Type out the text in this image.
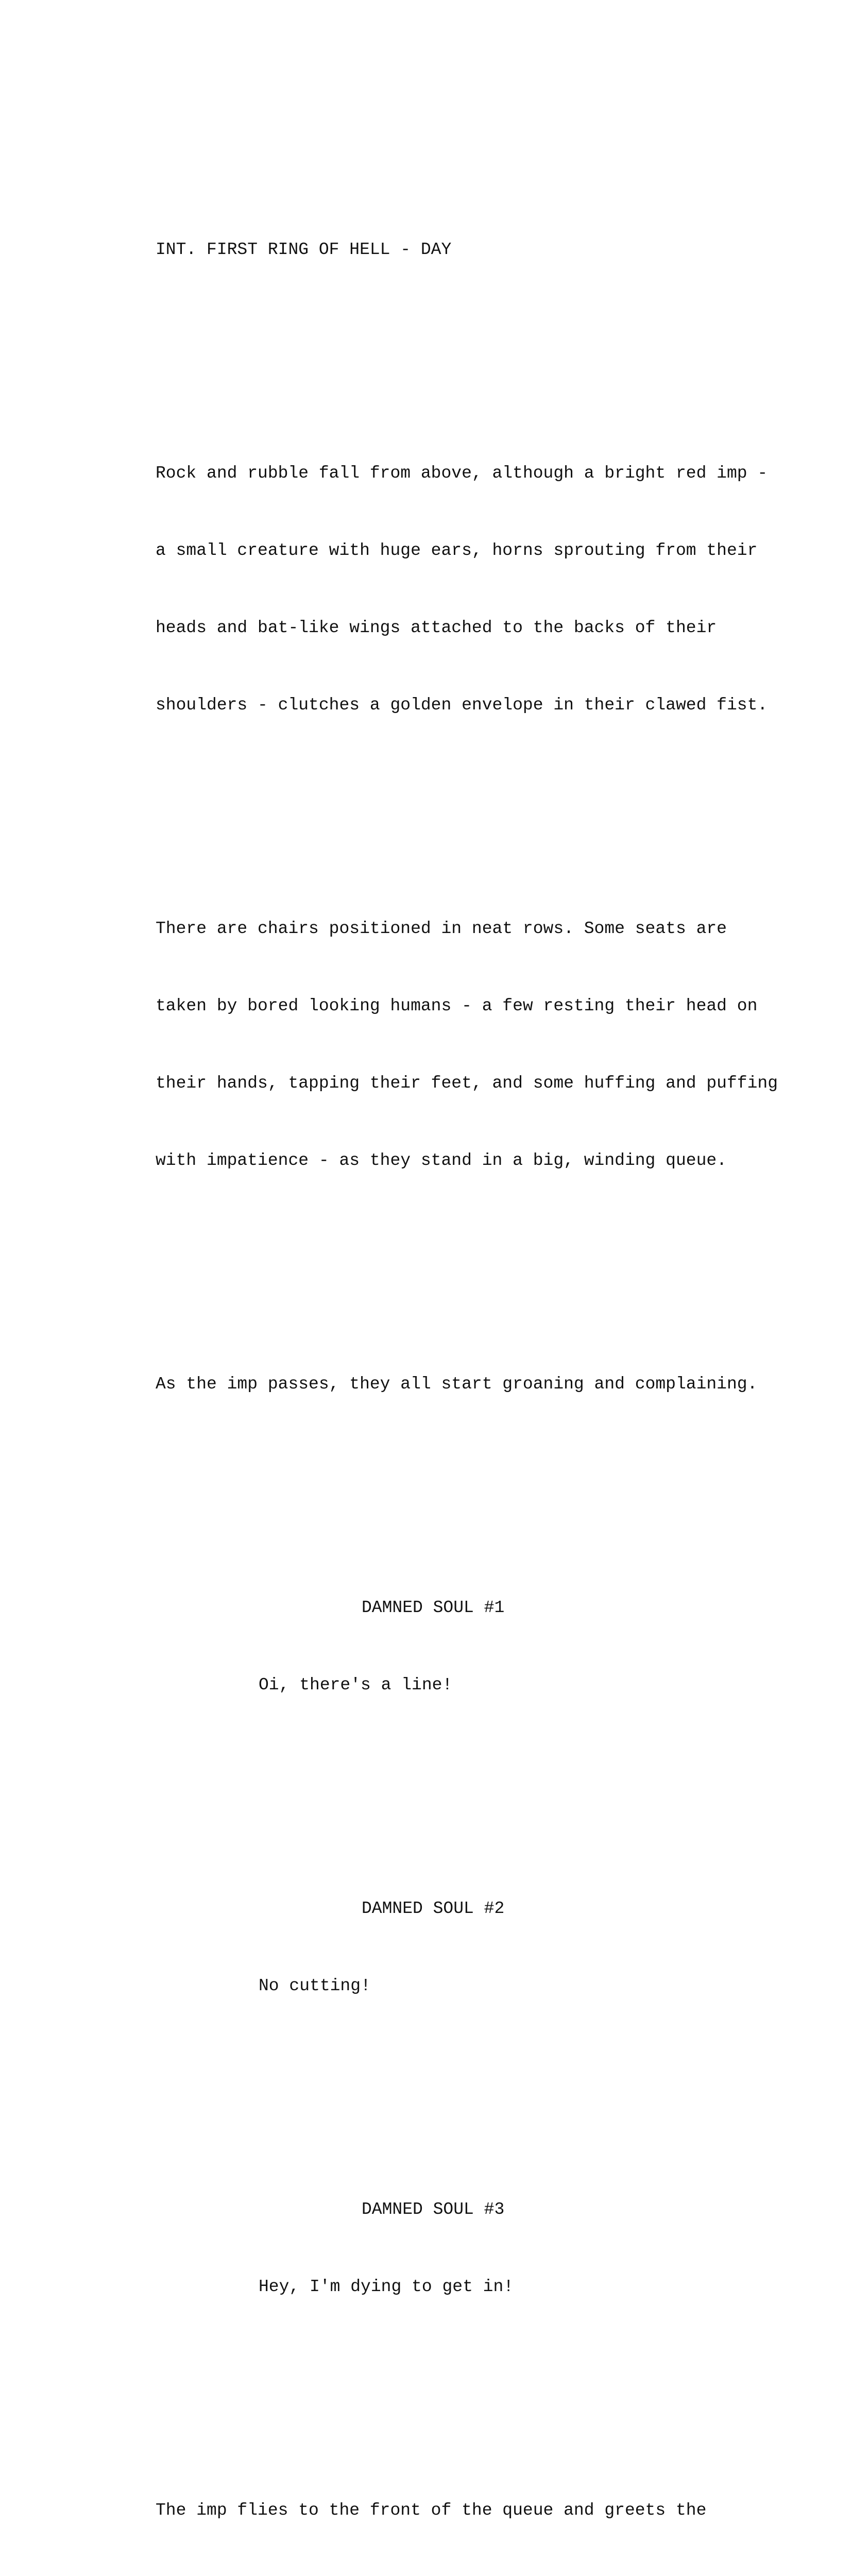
INT. FIRST RING OF HELL - DAY

Rock and rubble fall from above, although a bright red imp -

a small creature with huge ears, horns sprouting from their

heads and bat-like wings attached to the backs of their

shoulders - clutches a golden envelope in their clawed fist.

There are chairs positioned in neat rows. Some seats are

taken by bored looking humans - a few resting their head on

their hands, tapping their feet, and some huffing and puffing

with impatience - as they stand in a big, winding queue.

As the imp passes, they all start groaning and complaining.

DAMNED SOUL #1

Oi, there's a line!

DAMNED SOUL #2

No cutting!

DAMNED SOUL #3

Hey, I'm dying to get in!

The imp flies to the front of the queue and greets the
